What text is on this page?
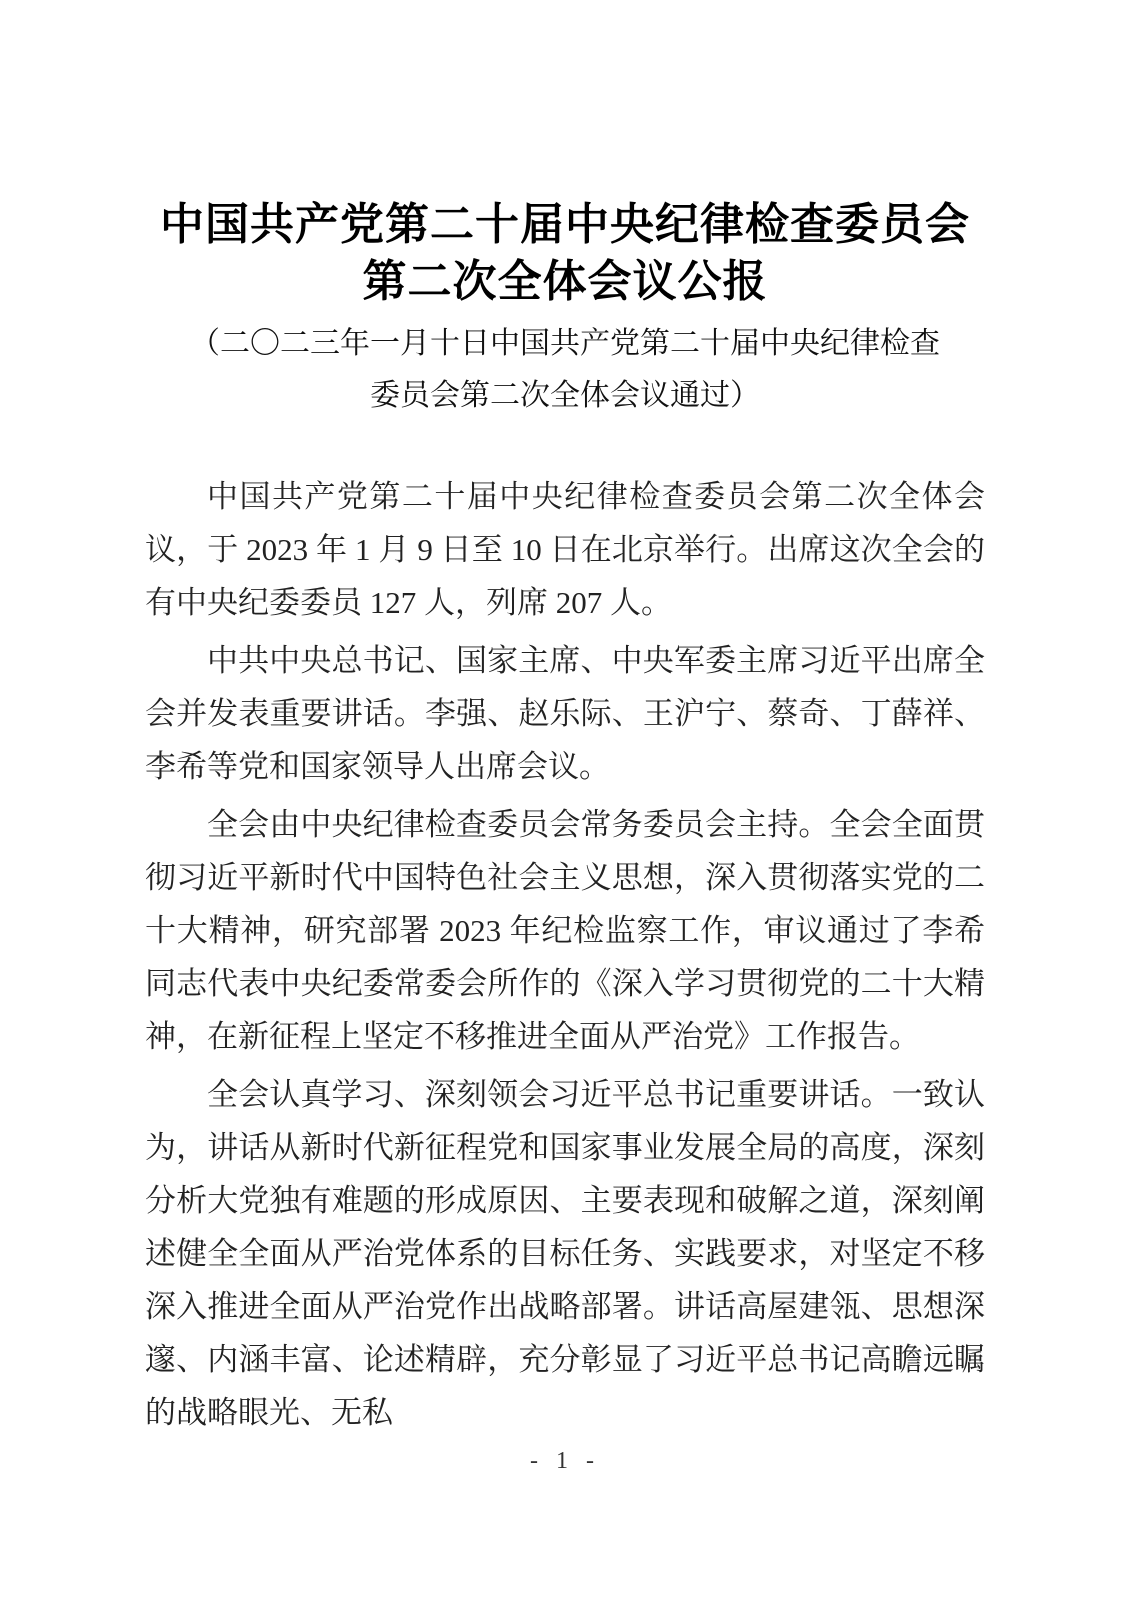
中国共产党第二十届中央纪律检查委员会
第二次全体会议公报
（二〇二三年一月十日中国共产党第二十届中央纪律检查
委员会第二次全体会议通过）

中国共产党第二十届中央纪律检查委员会第二次全体会议，于 2023 年 1 月 9 日至 10 日在北京举行。出席这次全会的有中央纪委委员 127 人，列席 207 人。

中共中央总书记、国家主席、中央军委主席习近平出席全会并发表重要讲话。李强、赵乐际、王沪宁、蔡奇、丁薛祥、李希等党和国家领导人出席会议。

全会由中央纪律检查委员会常务委员会主持。全会全面贯彻习近平新时代中国特色社会主义思想，深入贯彻落实党的二十大精神，研究部署 2023 年纪检监察工作，审议通过了李希同志代表中央纪委常委会所作的《深入学习贯彻党的二十大精神，在新征程上坚定不移推进全面从严治党》工作报告。

全会认真学习、深刻领会习近平总书记重要讲话。一致认为，讲话从新时代新征程党和国家事业发展全局的高度，深刻分析大党独有难题的形成原因、主要表现和破解之道，深刻阐述健全全面从严治党体系的目标任务、实践要求，对坚定不移深入推进全面从严治党作出战略部署。讲话高屋建瓴、思想深邃、内涵丰富、论述精辟，充分彰显了习近平总书记高瞻远瞩的战略眼光、无私

- 1 -
